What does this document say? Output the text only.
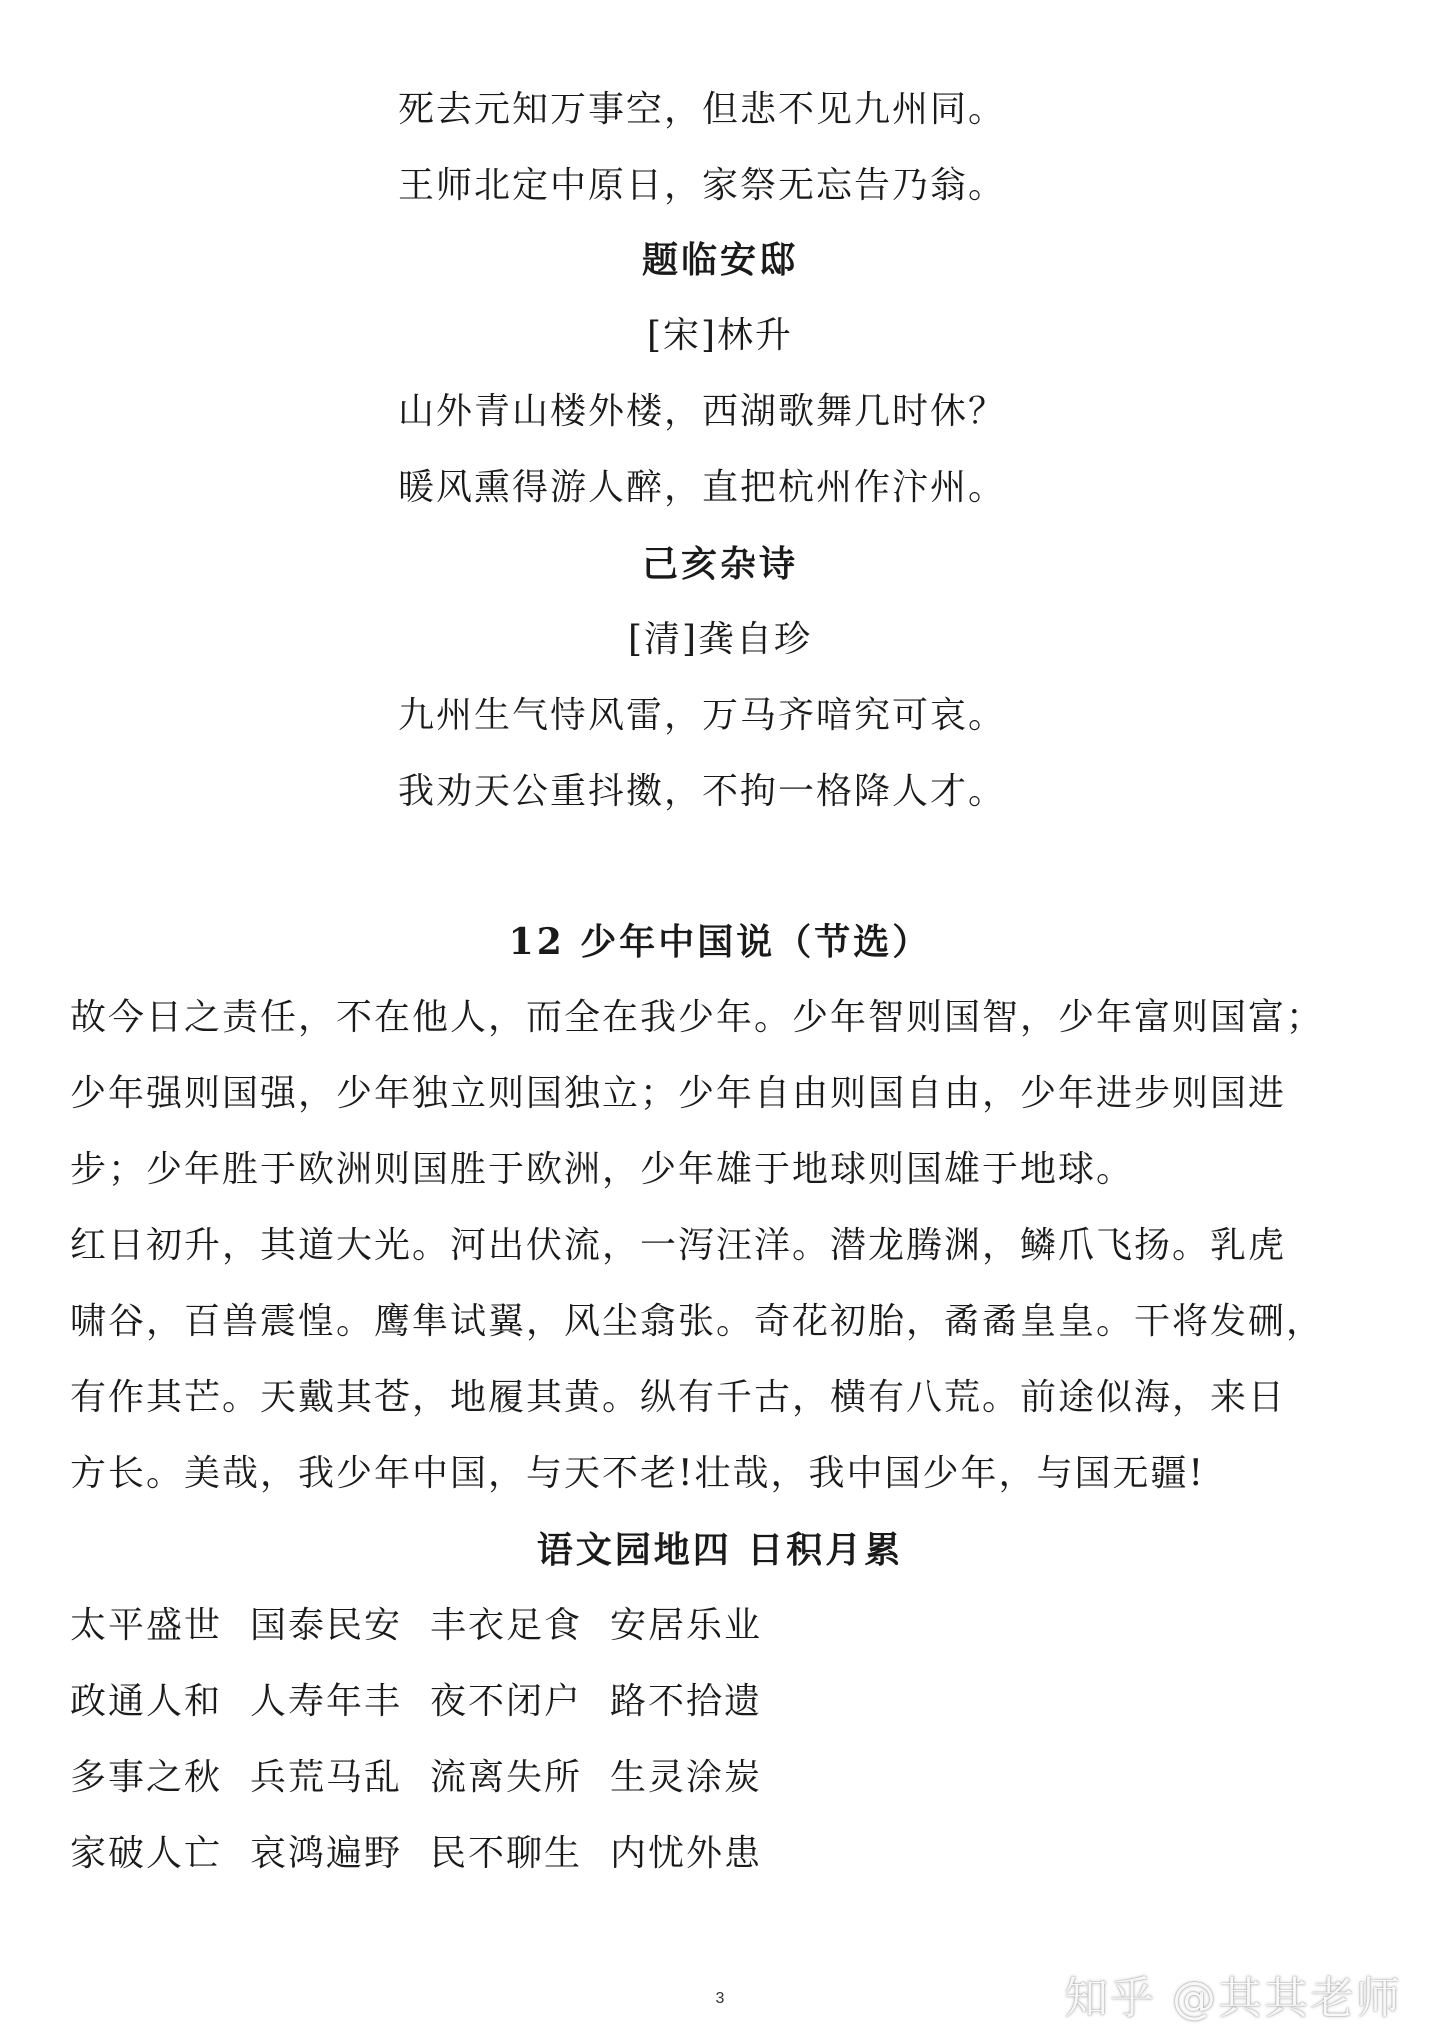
死去元知万事空，但悲不见九州同。
王师北定中原日，家祭无忘告乃翁。
题临安邸
[宋]林升
山外青山楼外楼，西湖歌舞几时休？
暖风熏得游人醉，直把杭州作汴州。
己亥杂诗
[清]龚自珍
九州生气恃风雷，万马齐喑究可哀。
我劝天公重抖擞，不拘一格降人才。
12 少年中国说（节选）
故今日之责任，不在他人，而全在我少年。少年智则国智，少年富则国富；
少年强则国强，少年独立则国独立；少年自由则国自由，少年进步则国进
步；少年胜于欧洲则国胜于欧洲，少年雄于地球则国雄于地球。
红日初升，其道大光。河出伏流，一泻汪洋。潜龙腾渊，鳞爪飞扬。乳虎
啸谷，百兽震惶。鹰隼试翼，风尘翕张。奇花初胎，矞矞皇皇。干将发硎，
有作其芒。天戴其苍，地履其黄。纵有千古，横有八荒。前途似海，来日
方长。美哉，我少年中国，与天不老!壮哉，我中国少年，与国无疆!
语文园地四 日积月累
太平盛世 国泰民安 丰衣足食 安居乐业
政通人和 人寿年丰 夜不闭户 路不拾遗
多事之秋 兵荒马乱 流离失所 生灵涂炭
家破人亡 哀鸿遍野 民不聊生 内忧外患
3	知乎 @其其老师
